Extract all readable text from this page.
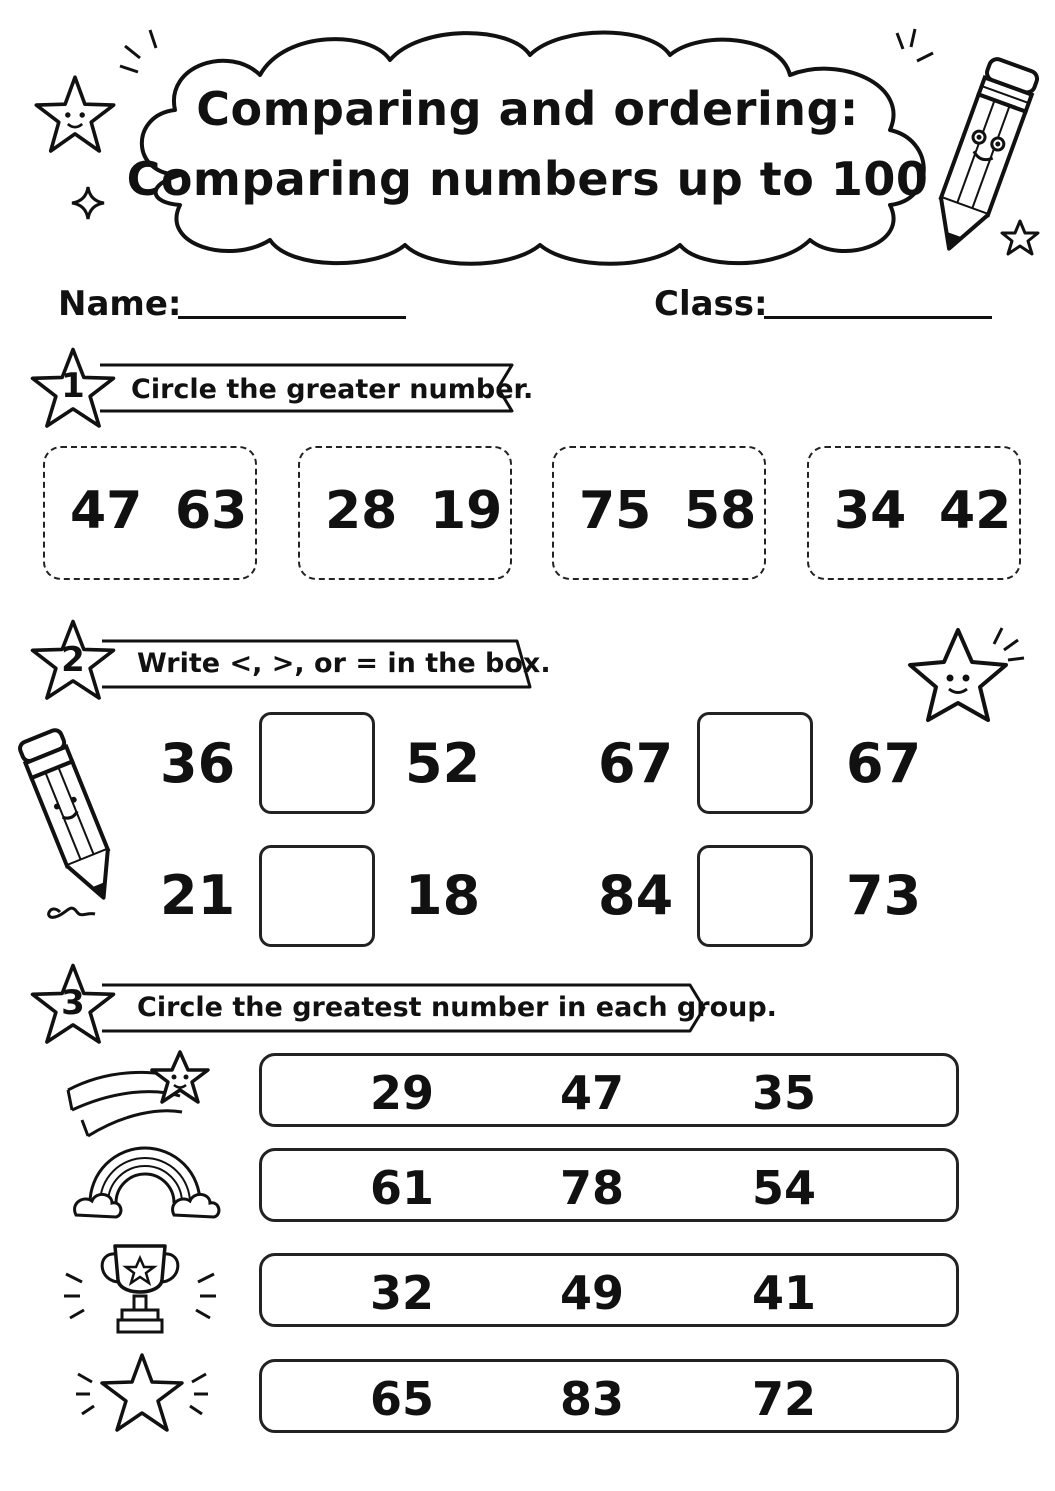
Comparing and ordering:
Comparing numbers up to 100
Name:	Class:
1	Circle the greater number.
47 63 28 19 75 58 34 42
2	Write <, >, or = in the box.
36	52 67	67
21	18 84	73
3	Circle the greatest number in each group.
29	47	35
61	78	54
32	49	41
65	83	72
